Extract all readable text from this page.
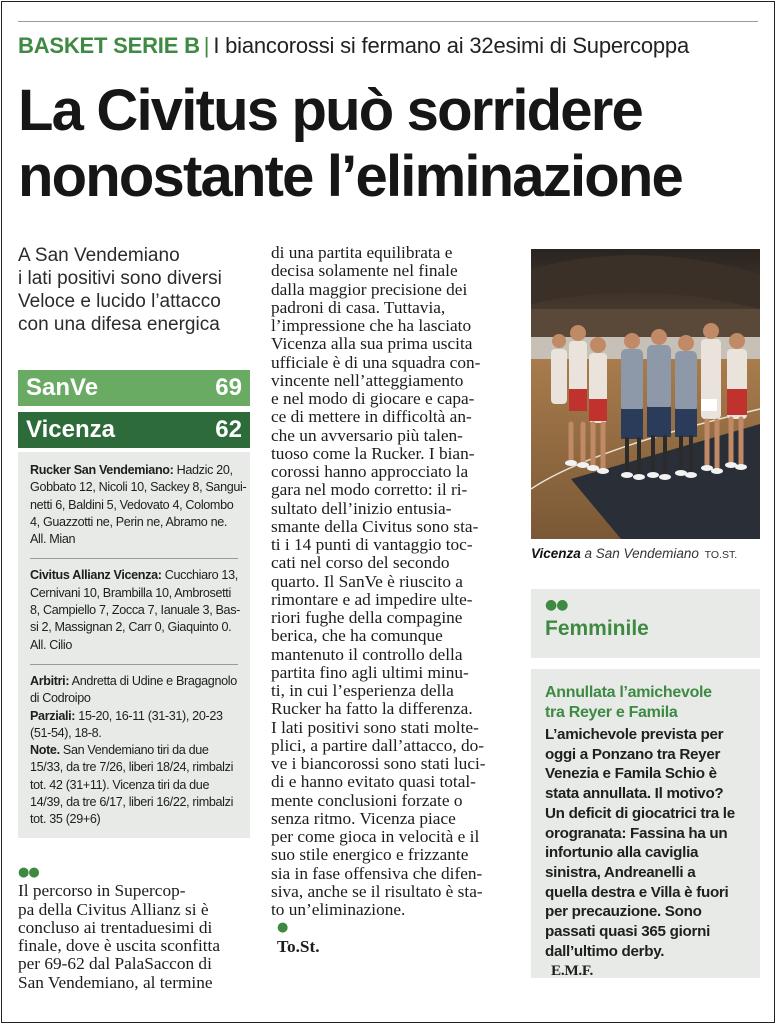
BASKET SERIE B | I biancorossi si fermano ai 32esimi di Supercoppa
La Civitus può sorridere
nonostante l’eliminazione
A San Vendemiano
i lati positivi sono diversi
Veloce e lucido l’attacco
con una difesa energica
SanVe	69
Vicenza	62
Rucker San Vendemiano: Hadzic 20,
Gobbato 12, Nicoli 10, Sackey 8, Sangui-
netti 6, Baldini 5, Vedovato 4, Colombo
4, Guazzotti ne, Perin ne, Abramo ne.
All. Mian
Civitus Allianz Vicenza: Cucchiaro 13,
Cernivani 10, Brambilla 10, Ambrosetti
8, Campiello 7, Zocca 7, Ianuale 3, Bas-
si 2, Massignan 2, Carr 0, Giaquinto 0.
All. Cilio
Arbitri: Andretta di Udine e Bragagnolo
di Codroipo
Parziali: 15-20, 16-11 (31-31), 20-23
(51-54), 18-8.
Note. San Vendemiano tiri da due
15/33, da tre 7/26, liberi 18/24, rimbalzi
tot. 42 (31+11). Vicenza tiri da due
14/39, da tre 6/17, liberi 16/22, rimbalzi
tot. 35 (29+6)
●●
Il percorso in Supercop-
pa della Civitus Allianz si è
concluso ai trentaduesimi di
finale, dove è uscita sconfitta
per 69-62 dal PalaSaccon di
San Vendemiano, al termine
di una partita equilibrata e
decisa solamente nel finale
dalla maggior precisione dei
padroni di casa. Tuttavia,
l’impressione che ha lasciato
Vicenza alla sua prima uscita
ufficiale è di una squadra con-
vincente nell’atteggiamento
e nel modo di giocare e capa-
ce di mettere in difficoltà an-
che un avversario più talen-
tuoso come la Rucker. I bian-
corossi hanno approcciato la
gara nel modo corretto: il ri-
sultato dell’inizio entusia-
smante della Civitus sono sta-
ti i 14 punti di vantaggio toc-
cati nel corso del secondo
quarto. Il SanVe è riuscito a
rimontare e ad impedire ulte-
riori fughe della compagine
berica, che ha comunque
mantenuto il controllo della
partita fino agli ultimi minu-
ti, in cui l’esperienza della
Rucker ha fatto la differenza.
I lati positivi sono stati molte-
plici, a partire dall’attacco, do-
ve i biancorossi sono stati luci-
di e hanno evitato quasi total-
mente conclusioni forzate o
senza ritmo. Vicenza piace
per come gioca in velocità e il
suo stile energico e frizzante
sia in fase offensiva che difen-
siva, anche se il risultato è sta-
to un’eliminazione.
●
To.St.
Vicenza a San Vendemiano TO.ST.
●●
Femminile
Annullata l’amichevole
tra Reyer e Famila
L’amichevole prevista per
oggi a Ponzano tra Reyer
Venezia e Famila Schio è
stata annullata. Il motivo?
Un deficit di giocatrici tra le
orogranata: Fassina ha un
infortunio alla caviglia
sinistra, Andreanelli a
quella destra e Villa è fuori
per precauzione. Sono
passati quasi 365 giorni
dall’ultimo derby.
E.M.F.
